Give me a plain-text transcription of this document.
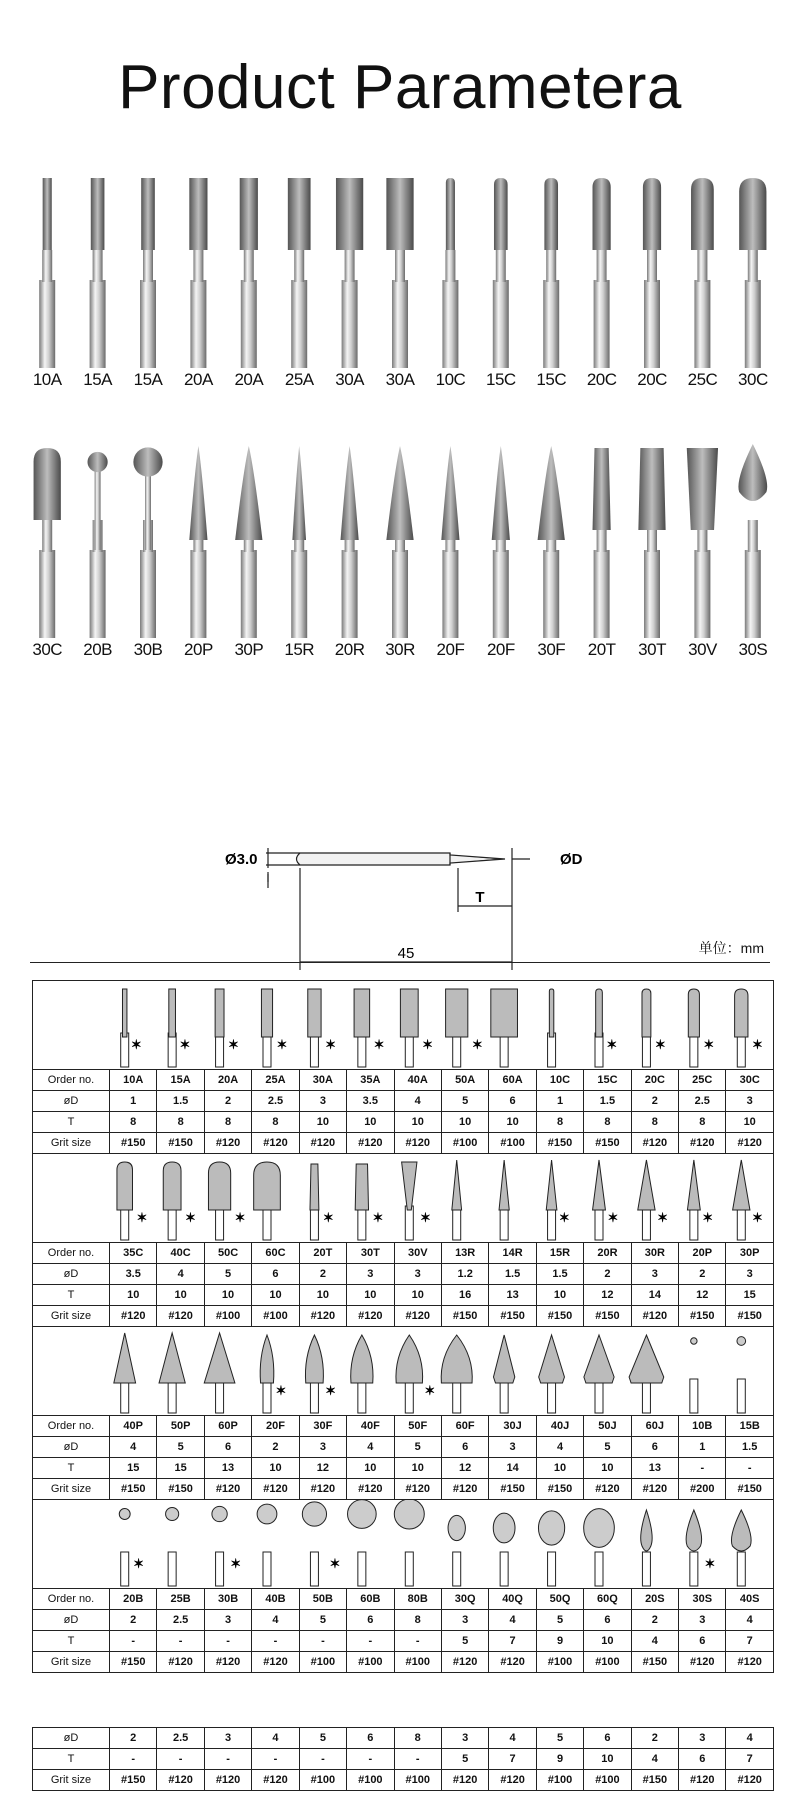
Product Parametera
10A	15A	15A	20A	20A	25A	30A	30A	10C	15C	15C	20C	20C	25C	30C
30C	20B	30B	20P	30P	15R	20R	30R	20F	20F	30F	20T	30T	30V	30S
Ø3.0	ØD
T
45	单位：mm
✶	✶	✶	✶	✶	✶	✶	✶	✶	✶	✶	✶
Order no.	10A	15A	20A	25A	30A	35A	40A	50A	60A	10C	15C	20C	25C	30C
øD	1	1.5	2	2.5	3	3.5	4	5	6	1	1.5	2	2.5	3
T	8	8	8	8	10	10	10	10	10	8	8	8	8	10
Grit size	#150	#150	#120	#120	#120	#120	#120	#100	#100	#150	#150	#120	#120	#120
✶	✶	✶	✶	✶	✶	✶	✶	✶	✶	✶
Order no.	35C	40C	50C	60C	20T	30T	30V	13R	14R	15R	20R	30R	20P	30P
øD	3.5	4	5	6	2	3	3	1.2	1.5	1.5	2	3	2	3
T	10	10	10	10	10	10	10	16	13	10	12	14	12	15
Grit size	#120	#120	#100	#100	#120	#120	#120	#150	#150	#150	#150	#120	#150	#150
✶	✶	✶
Order no.	40P	50P	60P	20F	30F	40F	50F	60F	30J	40J	50J	60J	10B	15B
øD	4	5	6	2	3	4	5	6	3	4	5	6	1	1.5
T	15	15	13	10	12	10	10	12	14	10	10	13	-	-
Grit size	#150	#150	#120	#120	#120	#120	#120	#120	#150	#150	#120	#120	#200	#150
✶	✶	✶	✶
Order no.	20B	25B	30B	40B	50B	60B	80B	30Q	40Q	50Q	60Q	20S	30S	40S
øD	2	2.5	3	4	5	6	8	3	4	5	6	2	3	4
T	-	-	-	-	-	-	-	5	7	9	10	4	6	7
Grit size	#150	#120	#120	#120	#100	#100	#100	#120	#120	#100	#100	#150	#120	#120
øD	2	2.5	3	4	5	6	8	3	4	5	6	2	3	4
T	-	-	-	-	-	-	-	5	7	9	10	4	6	7
Grit size	#150	#120	#120	#120	#100	#100	#100	#120	#120	#100	#100	#150	#120	#120
